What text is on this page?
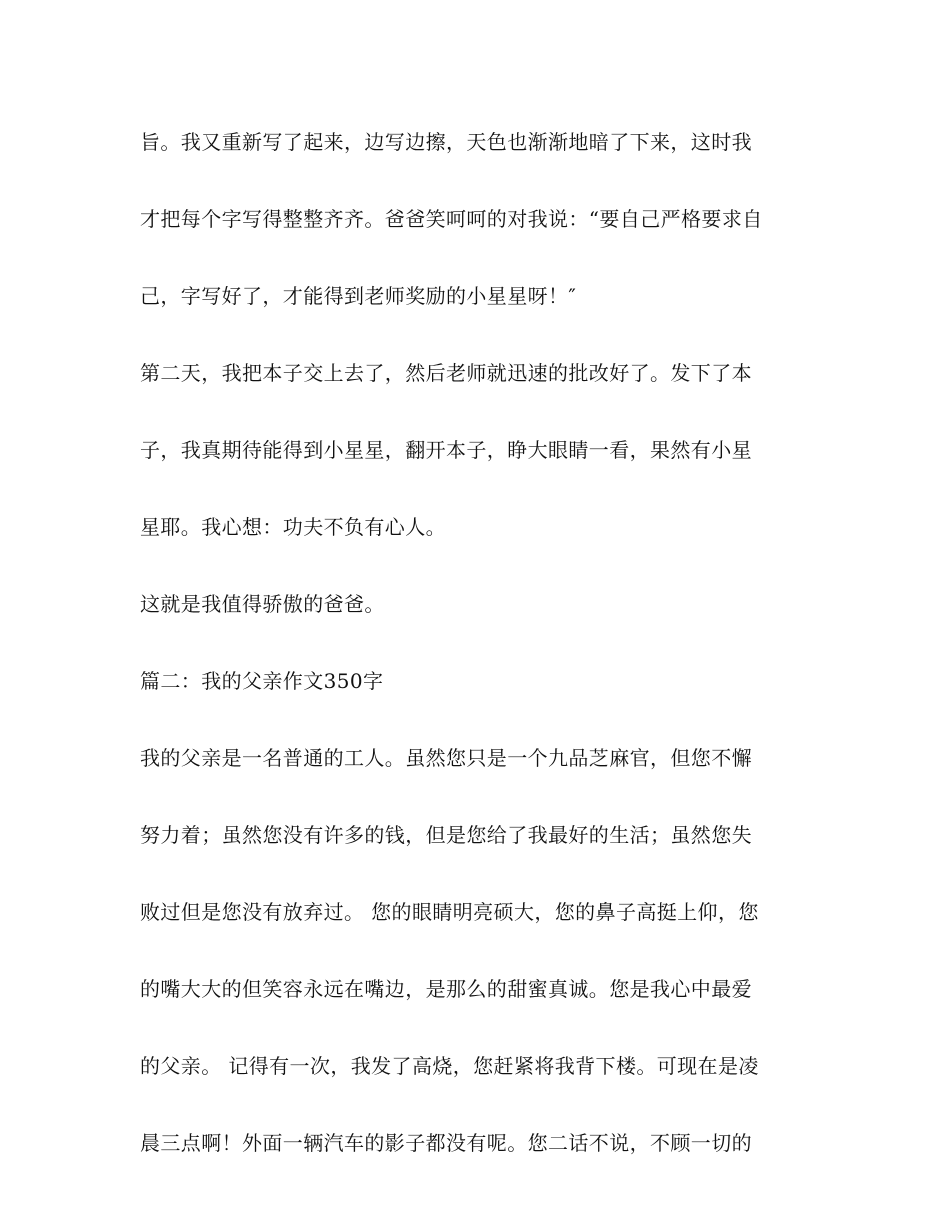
旨。我又重新写了起来，边写边擦，天色也渐渐地暗了下来，这时我
才把每个字写得整整齐齐。爸爸笑呵呵的对我说：“要自己严格要求自
己，字写好了，才能得到老师奖励的小星星呀！″
第二天，我把本子交上去了，然后老师就迅速的批改好了。发下了本
子，我真期待能得到小星星，翻开本子，睁大眼睛一看，果然有小星
星耶。我心想：功夫不负有心人。
这就是我值得骄傲的爸爸。
篇二：我的父亲作文350字
我的父亲是一名普通的工人。虽然您只是一个九品芝麻官，但您不懈
努力着；虽然您没有许多的钱，但是您给了我最好的生活；虽然您失
败过但是您没有放弃过。 您的眼睛明亮硕大，您的鼻子高挺上仰，您
的嘴大大的但笑容永远在嘴边，是那么的甜蜜真诚。您是我心中最爱
的父亲。 记得有一次，我发了高烧，您赶紧将我背下楼。可现在是凌
晨三点啊！外面一辆汽车的影子都没有呢。您二话不说，不顾一切的
